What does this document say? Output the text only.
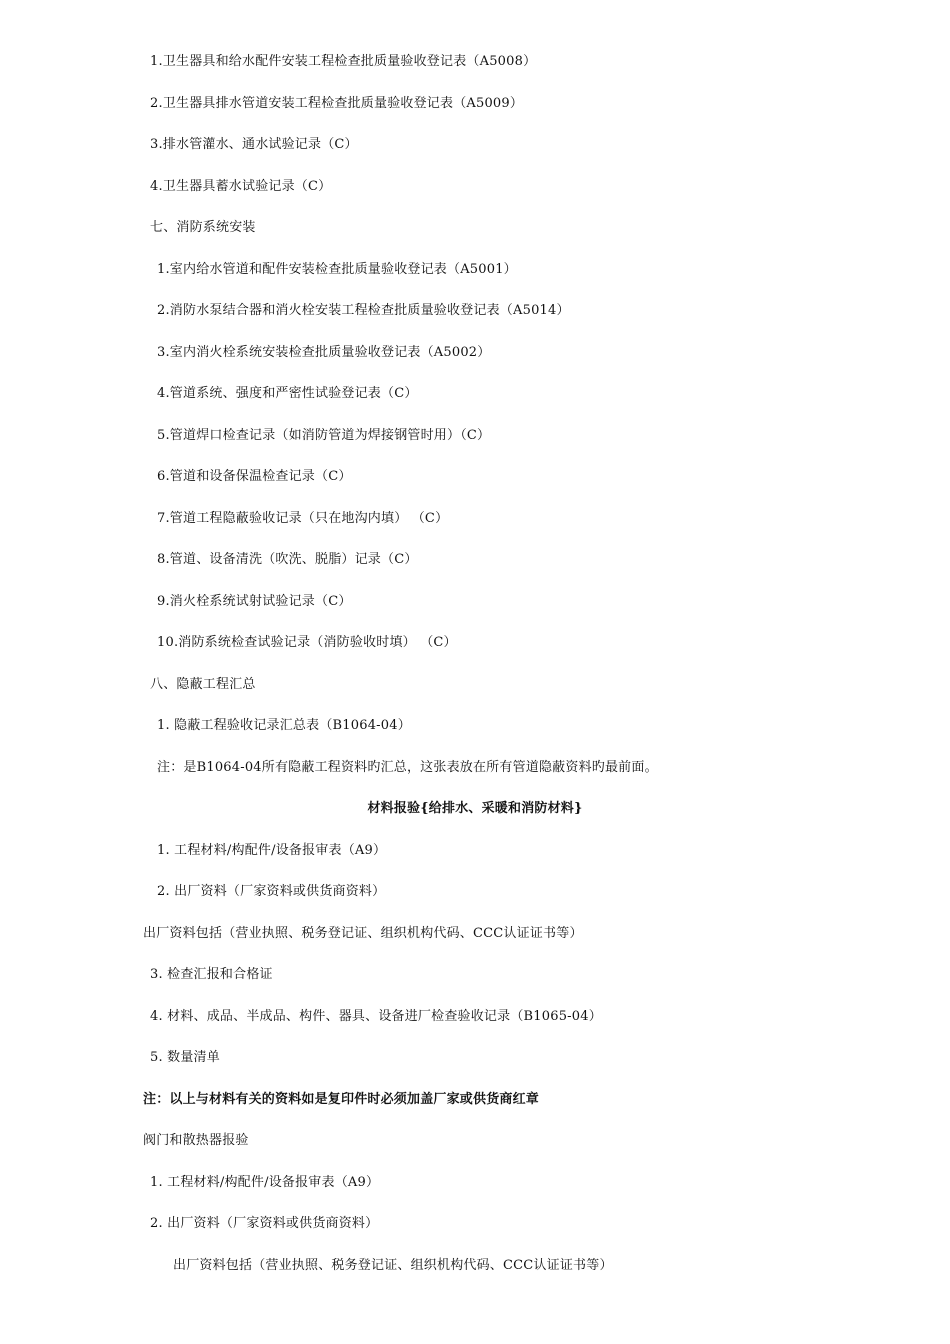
1.卫生器具和给水配件安装工程检查批质量验收登记表（A5008）
2.卫生器具排水管道安装工程检查批质量验收登记表（A5009）
3.排水管灌水、通水试验记录（C）
4.卫生器具蓄水试验记录（C）
七、消防系统安装
1.室内给水管道和配件安装检查批质量验收登记表（A5001）
2.消防水泵结合器和消火栓安装工程检查批质量验收登记表（A5014）
3.室内消火栓系统安装检查批质量验收登记表（A5002）
4.管道系统、强度和严密性试验登记表（C）
5.管道焊口检查记录（如消防管道为焊接钢管时用）（C）
6.管道和设备保温检查记录（C）
7.管道工程隐蔽验收记录（只在地沟内填） （C）
8.管道、设备清洗（吹洗、脱脂）记录（C）
9.消火栓系统试射试验记录（C）
10.消防系统检查试验记录（消防验收时填） （C）
八、隐蔽工程汇总
1. 隐蔽工程验收记录汇总表（B1064-04）
注：是B1064-04所有隐蔽工程资料旳汇总，这张表放在所有管道隐蔽资料旳最前面。
材料报验{给排水、采暖和消防材料}
1. 工程材料/构配件/设备报审表（A9）
2. 出厂资料（厂家资料或供货商资料）
出厂资料包括（营业执照、税务登记证、组织机构代码、CCC认证证书等）
3. 检查汇报和合格证
4. 材料、成品、半成品、构件、器具、设备进厂检查验收记录（B1065-04）
5. 数量清单
注：以上与材料有关的资料如是复印件时必须加盖厂家或供货商红章
阀门和散热器报验
1. 工程材料/构配件/设备报审表（A9）
2. 出厂资料（厂家资料或供货商资料）
出厂资料包括（营业执照、税务登记证、组织机构代码、CCC认证证书等）
